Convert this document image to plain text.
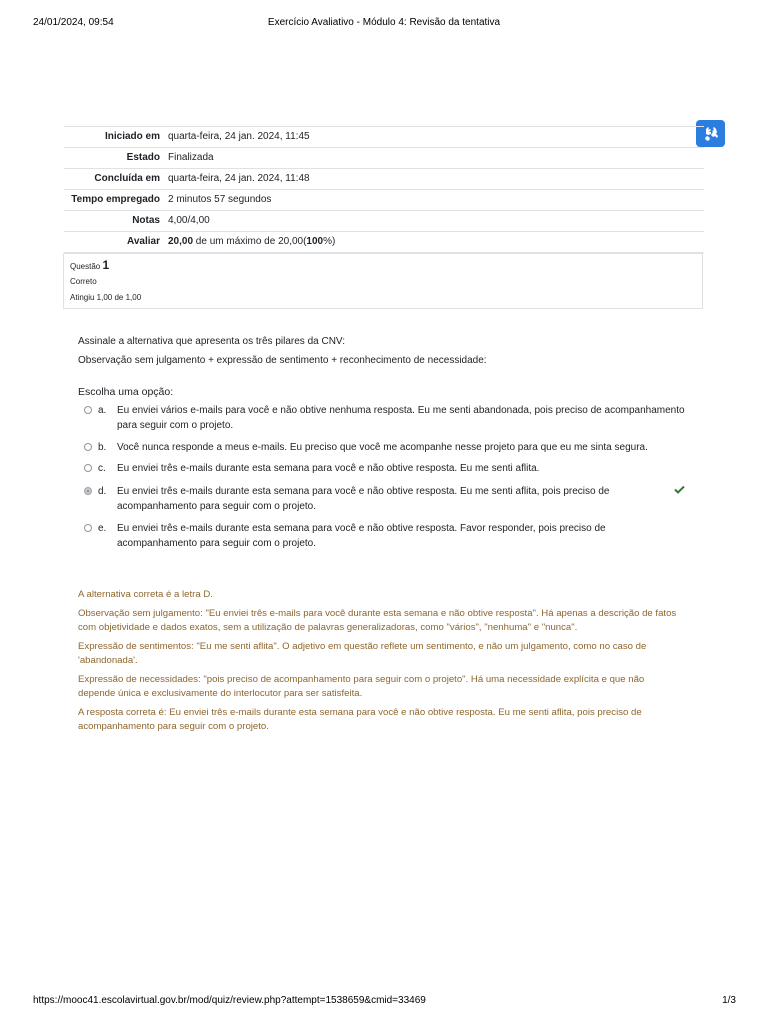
24/01/2024, 09:54	Exercício Avaliativo - Módulo 4: Revisão da tentativa
Iniciado em	quarta-feira, 24 jan. 2024, 11:45
Estado	Finalizada
Concluída em	quarta-feira, 24 jan. 2024, 11:48
Tempo empregado	2 minutos 57 segundos
Notas	4,00/4,00
Avaliar	20,00 de um máximo de 20,00(100%)
Questão 1
Correto
Atingiu 1,00 de 1,00
Assinale a alternativa que apresenta os três pilares da CNV:
Observação sem julgamento + expressão de sentimento + reconhecimento de necessidade:
Escolha uma opção:
a. Eu enviei vários e-mails para você e não obtive nenhuma resposta. Eu me senti abandonada, pois preciso de acompanhamento para seguir com o projeto.
b. Você nunca responde a meus e-mails. Eu preciso que você me acompanhe nesse projeto para que eu me sinta segura.
c. Eu enviei três e-mails durante esta semana para você e não obtive resposta. Eu me senti aflita.
d. Eu enviei três e-mails durante esta semana para você e não obtive resposta. Eu me senti aflita, pois preciso de acompanhamento para seguir com o projeto.
e. Eu enviei três e-mails durante esta semana para você e não obtive resposta. Favor responder, pois preciso de acompanhamento para seguir com o projeto.

A alternativa correta é a letra D.

Observação sem julgamento: "Eu enviei três e-mails para você durante esta semana e não obtive resposta". Há apenas a descrição de fatos com objetividade e dados exatos, sem a utilização de palavras generalizadoras, como "vários", "nenhuma" e "nunca".

Expressão de sentimentos: "Eu me senti aflita". O adjetivo em questão reflete um sentimento, e não um julgamento, como no caso de 'abandonada'.

Expressão de necessidades: "pois preciso de acompanhamento para seguir com o projeto". Há uma necessidade explícita e que não depende única e exclusivamente do interlocutor para ser satisfeita.

A resposta correta é: Eu enviei três e-mails durante esta semana para você e não obtive resposta. Eu me senti aflita, pois preciso de acompanhamento para seguir com o projeto.

https://mooc41.escolavirtual.gov.br/mod/quiz/review.php?attempt=1538659&cmid=33469	1/3
